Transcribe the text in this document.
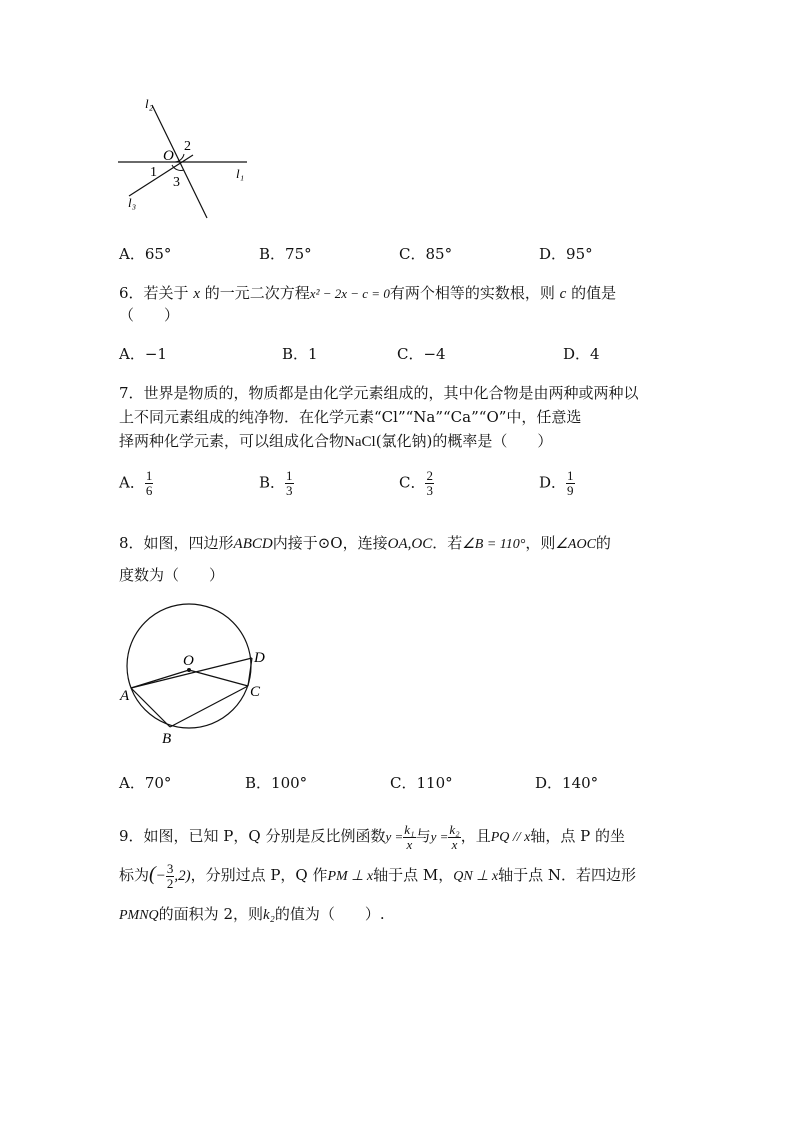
l₂
O
2
1
3
l₁
l₃
A．65°	B．75°	C．85°	D．95°
6．若关于 x 的一元二次方程x² − 2x − c = 0有两个相等的实数根，则 c 的值是
（　　）
A．−1	B．1	C．−4	D．4
7．世界是物质的，物质都是由化学元素组成的，其中化合物是由两种或两种以
上不同元素组成的纯净物．在化学元素“Cl”“Na”“Ca”“O”中，任意选
择两种化学元素，可以组成化合物NaCl(氯化钠)的概率是（　　）
A． $\frac{1}{6}$	B． $\frac{1}{3}$	C． $\frac{2}{3}$	D． $\frac{1}{9}$
8．如图，四边形ABCD内接于⊙O，连接OA,OC．若∠B = 110°，则∠AOC的
度数为（　　）
O	D
A	C
B
A．70°	B．100°	C．110°	D．140°
9．如图，已知 P，Q 分别是反比例函数$y = \frac{\text{k₁}}{x}$ 与$y = \frac{\text{k₂}}{x}$ ，且PQ // x轴，点 P 的坐
标为(− $\frac{3}{2} ,2$)，分别过点 P，Q 作PM ⊥ x轴于点 M，QN ⊥ x轴于点 N．若四边形
PMNQ的面积为 2，则k₂的值为（　　）.
